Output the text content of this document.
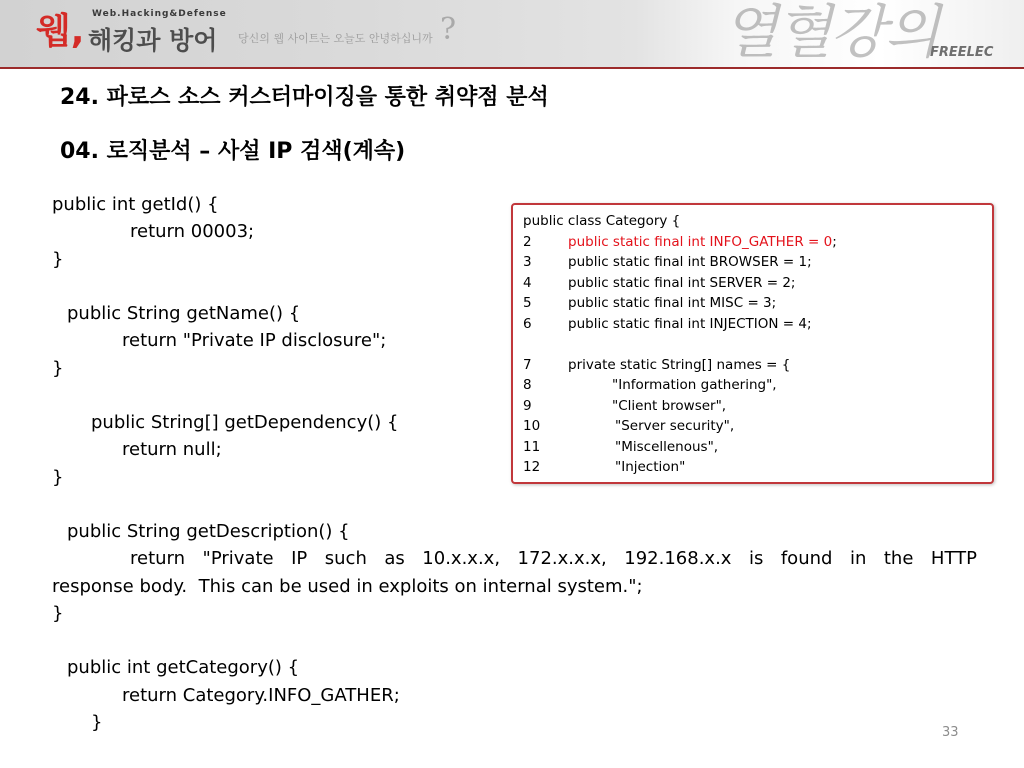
Web.Hacking&Defense
웹, 해킹과 방어 당신의 웹 사이트는 오늘도 안녕하십니까 ?	열혈강의
FREELEC
24. 파로스 소스 커스터마이징을 통한 취약점 분석
04. 로직분석 – 사설 IP 검색(계속)
public int getId() {
return 00003;
}
public String getName() {
return "Private IP disclosure";
}
public String[] getDependency() {
return null;
}
public String getDescription() {
return "Private IP such as 10.x.x.x, 172.x.x.x, 192.168.x.x is found in the HTTP
response body.  This can be used in exploits on internal system.";
}
public int getCategory() {
return Category.INFO_GATHER;
}
public class Category {
2	public static final int INFO_GATHER = 0;
3	public static final int BROWSER = 1;
4	public static final int SERVER = 2;
5	public static final int MISC = 3;
6	public static final int INJECTION = 4;
7	private static String[] names = {
8	"Information gathering",
9	"Client browser",
10	"Server security",
11	"Miscellenous",
12	"Injection"
33
